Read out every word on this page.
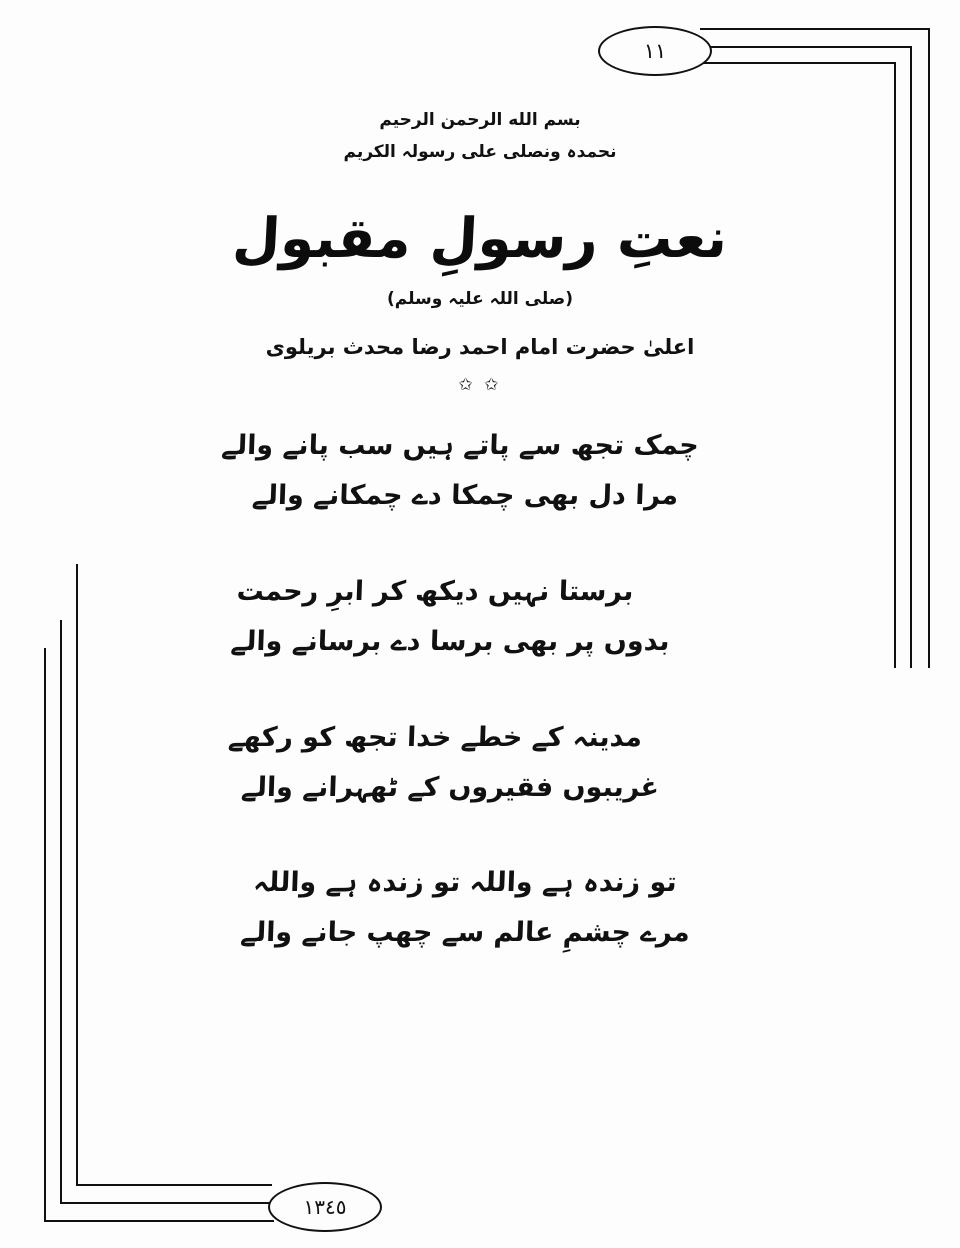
١١
١٣٤٥
بسم الله الرحمن الرحيم
نحمدہ ونصلی علی رسولہ الکریم
نعتِ رسولِ مقبول
(صلی اللہ علیہ وسلم)
اعلیٰ حضرت امام احمد رضا محدث بریلوی
✩ ✩
چمک تجھ سے پاتے ہیں سب پانے والے
مرا دل بھی چمکا دے چمکانے والے
برستا نہیں دیکھ کر ابرِ رحمت
بدوں پر بھی برسا دے برسانے والے
مدینہ کے خطے خدا تجھ کو رکھے
غریبوں فقیروں کے ٹھہرانے والے
تو زندہ ہے واللہ تو زندہ ہے واللہ
مرے چشمِ عالم سے چھپ جانے والے
